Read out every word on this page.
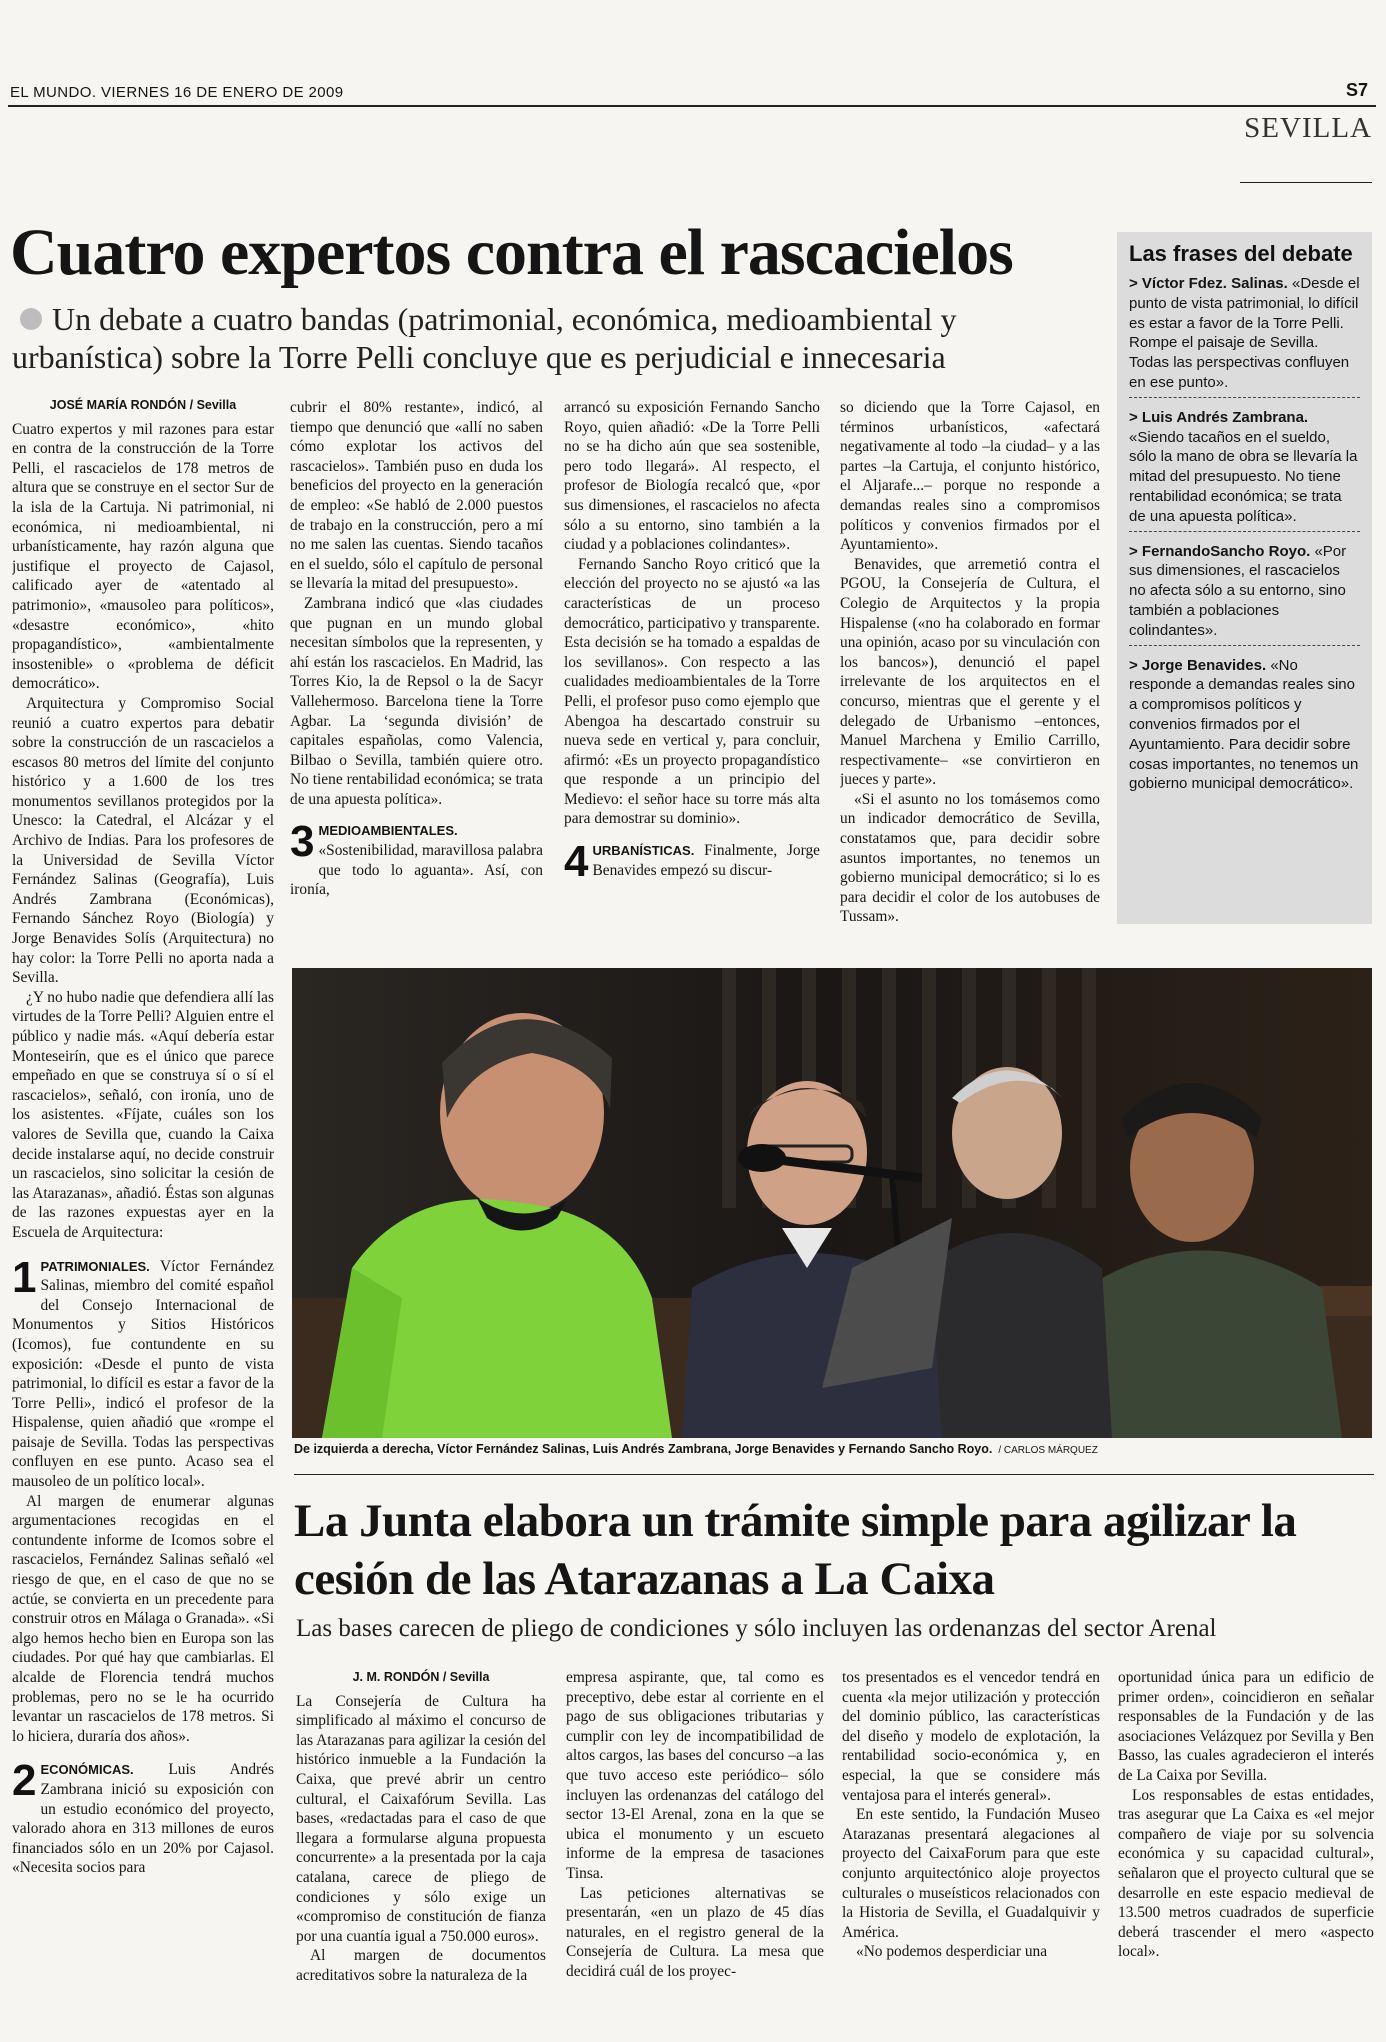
EL MUNDO. VIERNES 16 DE ENERO DE 2009	S7
SEVILLA
Cuatro expertos contra el rascacielos
Un debate a cuatro bandas (patrimonial, económica, medioambiental y urbanística) sobre la Torre Pelli concluye que es perjudicial e innecesaria
JOSÉ MARÍA RONDÓN / Sevilla

Cuatro expertos y mil razones para estar en contra de la construcción de la Torre Pelli, el rascacielos de 178 metros de altura que se construye en el sector Sur de la isla de la Cartuja. Ni patrimonial, ni económica, ni medioambiental, ni urbanísticamente, hay razón alguna que justifique el proyecto de Cajasol, calificado ayer de «atentado al patrimonio», «mausoleo para políticos», «desastre económico», «hito propagandístico», «ambientalmente insostenible» o «problema de déficit democrático».

Arquitectura y Compromiso Social reunió a cuatro expertos para debatir sobre la construcción de un rascacielos a escasos 80 metros del límite del conjunto histórico y a 1.600 de los tres monumentos sevillanos protegidos por la Unesco: la Catedral, el Alcázar y el Archivo de Indias. Para los profesores de la Universidad de Sevilla Víctor Fernández Salinas (Geografía), Luis Andrés Zambrana (Económicas), Fernando Sánchez Royo (Biología) y Jorge Benavides Solís (Arquitectura) no hay color: la Torre Pelli no aporta nada a Sevilla.

¿Y no hubo nadie que defendiera allí las virtudes de la Torre Pelli? Alguien entre el público y nadie más. «Aquí debería estar Monteseirín, que es el único que parece empeñado en que se construya sí o sí el rascacielos», señaló, con ironía, uno de los asistentes. «Fíjate, cuáles son los valores de Sevilla que, cuando la Caixa decide instalarse aquí, no decide construir un rascacielos, sino solicitar la cesión de las Atarazanas», añadió. Éstas son algunas de las razones expuestas ayer en la Escuela de Arquitectura:

1 PATRIMONIALES. Víctor Fernández Salinas, miembro del comité español del Consejo Internacional de Monumentos y Sitios Históricos (Icomos), fue contundente en su exposición: «Desde el punto de vista patrimonial, lo difícil es estar a favor de la Torre Pelli», indicó el profesor de la Hispalense, quien añadió que «rompe el paisaje de Sevilla. Todas las perspectivas confluyen en ese punto. Acaso sea el mausoleo de un político local».

Al margen de enumerar algunas argumentaciones recogidas en el contundente informe de Icomos sobre el rascacielos, Fernández Salinas señaló «el riesgo de que, en el caso de que no se actúe, se convierta en un precedente para construir otros en Málaga o Granada». «Si algo hemos hecho bien en Europa son las ciudades. Por qué hay que cambiarlas. El alcalde de Florencia tendrá muchos problemas, pero no se le ha ocurrido levantar un rascacielos de 178 metros. Si lo hiciera, duraría dos años».

2 ECONÓMICAS. Luis Andrés Zambrana inició su exposición con un estudio económico del proyecto, valorado ahora en 313 millones de euros financiados sólo en un 20% por Cajasol. «Necesita socios para

cubrir el 80% restante», indicó, al tiempo que denunció que «allí no saben cómo explotar los activos del rascacielos». También puso en duda los beneficios del proyecto en la generación de empleo: «Se habló de 2.000 puestos de trabajo en la construcción, pero a mí no me salen las cuentas. Siendo tacaños en el sueldo, sólo el capítulo de personal se llevaría la mitad del presupuesto».

Zambrana indicó que «las ciudades que pugnan en un mundo global necesitan símbolos que la representen, y ahí están los rascacielos. En Madrid, las Torres Kio, la de Repsol o la de Sacyr Vallehermoso. Barcelona tiene la Torre Agbar. La ‘segunda división’ de capitales españolas, como Valencia, Bilbao o Sevilla, también quiere otro. No tiene rentabilidad económica; se trata de una apuesta política».

3 MEDIOAMBIENTALES. «Sostenibilidad, maravillosa palabra que todo lo aguanta». Así, con ironía,

arrancó su exposición Fernando Sancho Royo, quien añadió: «De la Torre Pelli no se ha dicho aún que sea sostenible, pero todo llegará». Al respecto, el profesor de Biología recalcó que, «por sus dimensiones, el rascacielos no afecta sólo a su entorno, sino también a la ciudad y a poblaciones colindantes».

Fernando Sancho Royo criticó que la elección del proyecto no se ajustó «a las características de un proceso democrático, participativo y transparente. Esta decisión se ha tomado a espaldas de los sevillanos». Con respecto a las cualidades medioambientales de la Torre Pelli, el profesor puso como ejemplo que Abengoa ha descartado construir su nueva sede en vertical y, para concluir, afirmó: «Es un proyecto propagandístico que responde a un principio del Medievo: el señor hace su torre más alta para demostrar su dominio».

4 URBANÍSTICAS. Finalmente, Jorge Benavides empezó su discur-

so diciendo que la Torre Cajasol, en términos urbanísticos, «afectará negativamente al todo –la ciudad– y a las partes –la Cartuja, el conjunto histórico, el Aljarafe...– porque no responde a demandas reales sino a compromisos políticos y convenios firmados por el Ayuntamiento».

Benavides, que arremetió contra el PGOU, la Consejería de Cultura, el Colegio de Arquitectos y la propia Hispalense («no ha colaborado en formar una opinión, acaso por su vinculación con los bancos»), denunció el papel irrelevante de los arquitectos en el concurso, mientras que el gerente y el delegado de Urbanismo –entonces, Manuel Marchena y Emilio Carrillo, respectivamente– «se convirtieron en jueces y parte».

«Si el asunto no los tomásemos como un indicador democrático de Sevilla, constatamos que, para decidir sobre asuntos importantes, no tenemos un gobierno municipal democrático; si lo es para decidir el color de los autobuses de Tussam».

Las frases del debate
> Víctor Fdez. Salinas. «Desde el punto de vista patrimonial, lo difícil es estar a favor de la Torre Pelli. Rompe el paisaje de Sevilla. Todas las perspectivas confluyen en ese punto».
> Luis Andrés Zambrana. «Siendo tacaños en el sueldo, sólo la mano de obra se llevaría la mitad del presupuesto. No tiene rentabilidad económica; se trata de una apuesta política».
> FernandoSancho Royo. «Por sus dimensiones, el rascacielos no afecta sólo a su entorno, sino también a poblaciones colindantes».
> Jorge Benavides. «No responde a demandas reales sino a compromisos políticos y convenios firmados por el Ayuntamiento. Para decidir sobre cosas importantes, no tenemos un gobierno municipal democrático».
De izquierda a derecha, Víctor Fernández Salinas, Luis Andrés Zambrana, Jorge Benavides y Fernando Sancho Royo. / CARLOS MÁRQUEZ
La Junta elabora un trámite simple para agilizar la cesión de las Atarazanas a La Caixa
Las bases carecen de pliego de condiciones y sólo incluyen las ordenanzas del sector Arenal
J. M. RONDÓN / Sevilla

La Consejería de Cultura ha simplificado al máximo el concurso de las Atarazanas para agilizar la cesión del histórico inmueble a la Fundación la Caixa, que prevé abrir un centro cultural, el Caixafórum Sevilla. Las bases, «redactadas para el caso de que llegara a formularse alguna propuesta concurrente» a la presentada por la caja catalana, carece de pliego de condiciones y sólo exige un «compromiso de constitución de fianza por una cuantía igual a 750.000 euros».

Al margen de documentos acreditativos sobre la naturaleza de la

empresa aspirante, que, tal como es preceptivo, debe estar al corriente en el pago de sus obligaciones tributarias y cumplir con ley de incompatibilidad de altos cargos, las bases del concurso –a las que tuvo acceso este periódico– sólo incluyen las ordenanzas del catálogo del sector 13-El Arenal, zona en la que se ubica el monumento y un escueto informe de la empresa de tasaciones Tinsa.

Las peticiones alternativas se presentarán, «en un plazo de 45 días naturales, en el registro general de la Consejería de Cultura. La mesa que decidirá cuál de los proyec-

tos presentados es el vencedor tendrá en cuenta «la mejor utilización y protección del dominio público, las características del diseño y modelo de explotación, la rentabilidad socio-económica y, en especial, la que se considere más ventajosa para el interés general».

En este sentido, la Fundación Museo Atarazanas presentará alegaciones al proyecto del CaixaForum para que este conjunto arquitectónico aloje proyectos culturales o museísticos relacionados con la Historia de Sevilla, el Guadalquivir y América.

«No podemos desperdiciar una

oportunidad única para un edificio de primer orden», coincidieron en señalar responsables de la Fundación y de las asociaciones Velázquez por Sevilla y Ben Basso, las cuales agradecieron el interés de La Caixa por Sevilla.

Los responsables de estas entidades, tras asegurar que La Caixa es «el mejor compañero de viaje por su solvencia económica y su capacidad cultural», señalaron que el proyecto cultural que se desarrolle en este espacio medieval de 13.500 metros cuadrados de superficie deberá trascender el mero «aspecto local».
